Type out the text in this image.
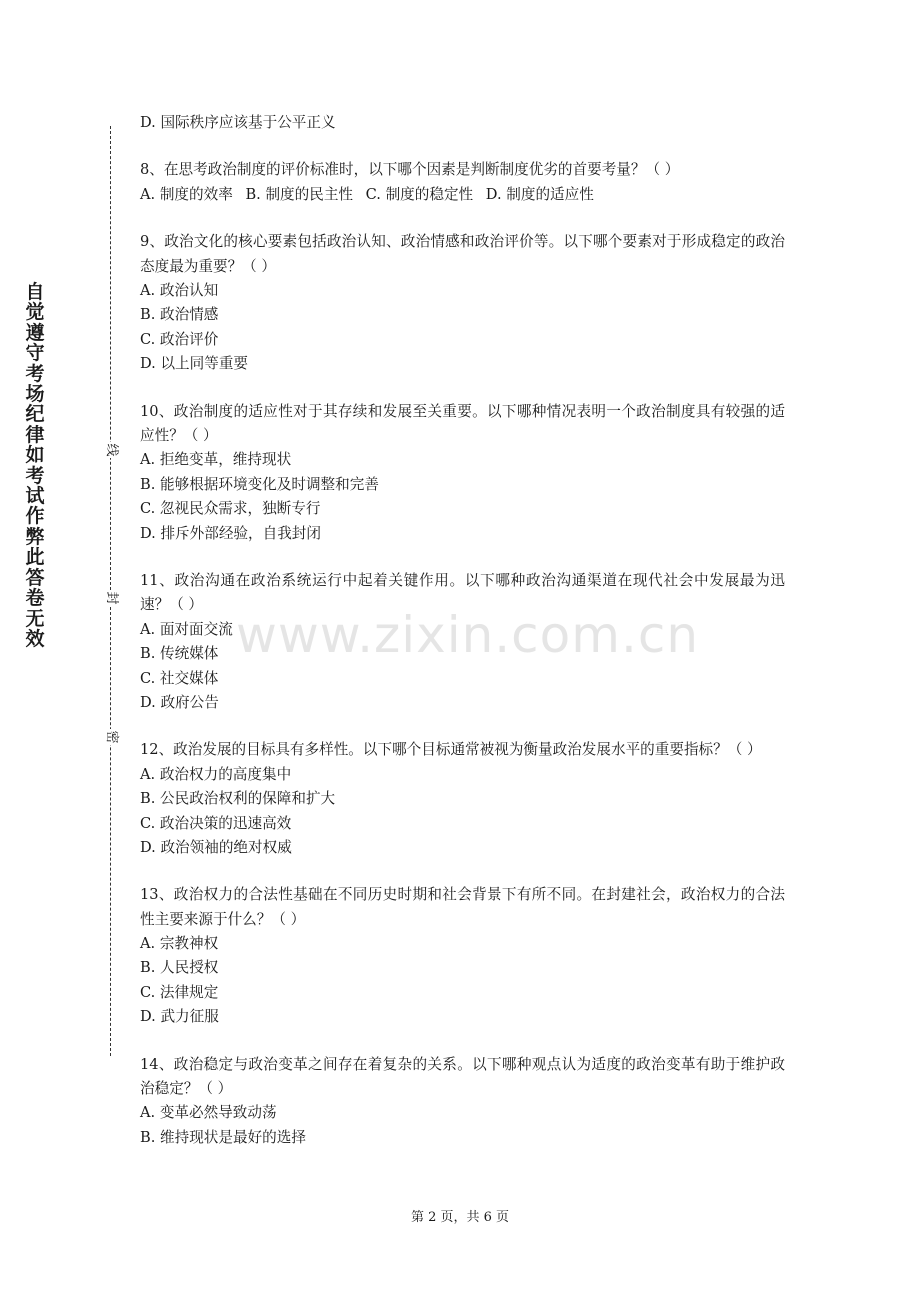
自
觉
遵
守
考
场
纪
律
如
考
试
作
弊
此
答
卷
无
效
线
封
密
www.zixin.com.cn
D. 国际秩序应该基于公平正义
8、在思考政治制度的评价标准时，以下哪个因素是判断制度优劣的首要考量？（ ）
A. 制度的效率 B. 制度的民主性 C. 制度的稳定性 D. 制度的适应性
9、政治文化的核心要素包括政治认知、政治情感和政治评价等。以下哪个要素对于形成稳定的政治态度最为重要？（ ）
A. 政治认知
B. 政治情感
C. 政治评价
D. 以上同等重要
10、政治制度的适应性对于其存续和发展至关重要。以下哪种情况表明一个政治制度具有较强的适应性？（ ）
A. 拒绝变革，维持现状
B. 能够根据环境变化及时调整和完善
C. 忽视民众需求，独断专行
D. 排斥外部经验，自我封闭
11、政治沟通在政治系统运行中起着关键作用。以下哪种政治沟通渠道在现代社会中发展最为迅速？（ ）
A. 面对面交流
B. 传统媒体
C. 社交媒体
D. 政府公告
12、政治发展的目标具有多样性。以下哪个目标通常被视为衡量政治发展水平的重要指标？（ ）
A. 政治权力的高度集中
B. 公民政治权利的保障和扩大
C. 政治决策的迅速高效
D. 政治领袖的绝对权威
13、政治权力的合法性基础在不同历史时期和社会背景下有所不同。在封建社会，政治权力的合法性主要来源于什么？（ ）
A. 宗教神权
B. 人民授权
C. 法律规定
D. 武力征服
14、政治稳定与政治变革之间存在着复杂的关系。以下哪种观点认为适度的政治变革有助于维护政治稳定？（ ）
A. 变革必然导致动荡
B. 维持现状是最好的选择
第 2 页，共 6 页
